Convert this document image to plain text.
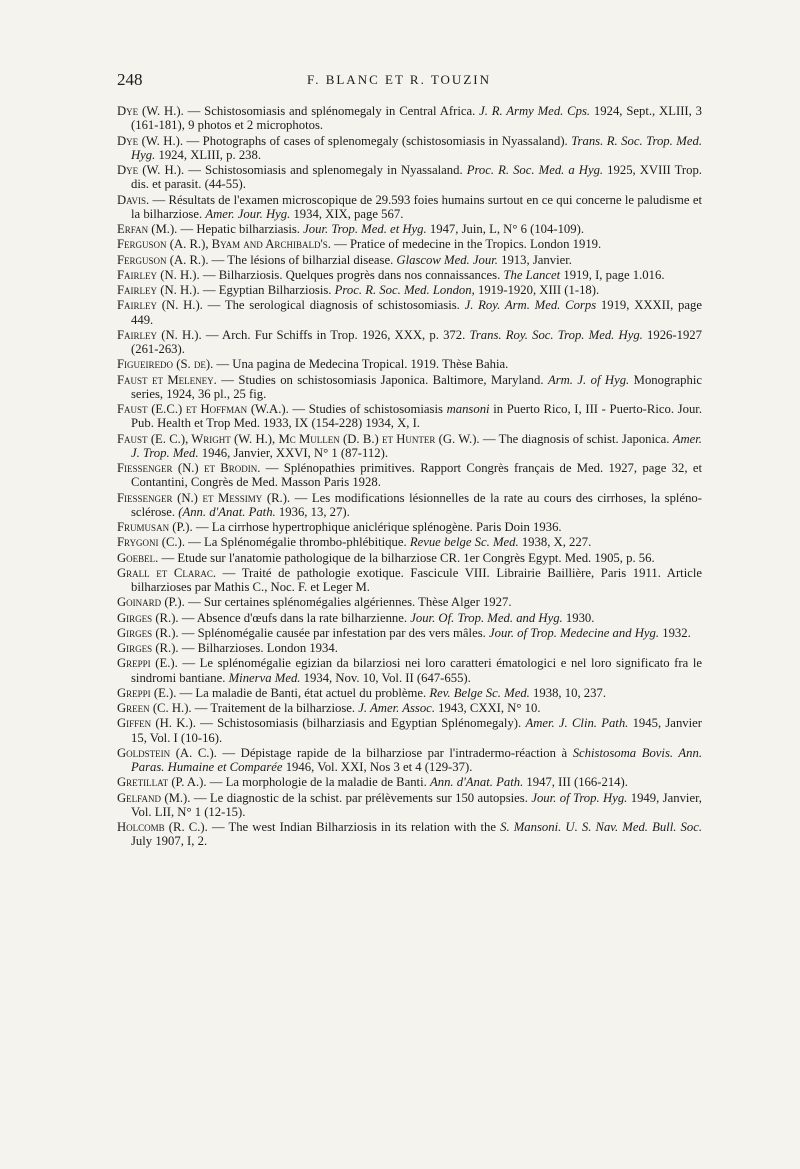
248	F. BLANC ET R. TOUZIN

Dye (W. H.). — Schistosomiasis and splénomegaly in Central Africa. J. R. Army Med. Cps. 1924, Sept., XLIII, 3 (161-181), 9 photos et 2 microphotos.

Dye (W. H.). — Photographs of cases of splenomegaly (schistosomiasis in Nyassaland). Trans. R. Soc. Trop. Med. Hyg. 1924, XLIII, p. 238.

Dye (W. H.). — Schistosomiasis and splenomegaly in Nyassaland. Proc. R. Soc. Med. a Hyg. 1925, XVIII Trop. dis. et parasit. (44-55).

Davis. — Résultats de l'examen microscopique de 29.593 foies humains surtout en ce qui concerne le paludisme et la bilharziose. Amer. Jour. Hyg. 1934, XIX, page 567.

Erfan (M.). — Hepatic bilharziasis. Jour. Trop. Med. et Hyg. 1947, Juin, L, N° 6 (104-109).

Ferguson (A. R.), Byam and Archibald's. — Pratice of medecine in the Tropics. London 1919.

Ferguson (A. R.). — The lésions of bilharzial disease. Glascow Med. Jour. 1913, Janvier.

Fairley (N. H.). — Bilharziosis. Quelques progrès dans nos connaissances. The Lancet 1919, I, page 1.016.

Fairley (N. H.). — Egyptian Bilharziosis. Proc. R. Soc. Med. London, 1919-1920, XIII (1-18).

Fairley (N. H.). — The serological diagnosis of schistosomiasis. J. Roy. Arm. Med. Corps 1919, XXXII, page 449.

Fairley (N. H.). — Arch. Fur Schiffs in Trop. 1926, XXX, p. 372. Trans. Roy. Soc. Trop. Med. Hyg. 1926-1927 (261-263).

Figueiredo (S. de). — Una pagina de Medecina Tropical. 1919. Thèse Bahia.

Faust et Meleney. — Studies on schistosomiasis Japonica. Baltimore, Maryland. Arm. J. of Hyg. Monographic series, 1924, 36 pl., 25 fig.

Faust (E.C.) et Hoffman (W.A.). — Studies of schistosomiasis mansoni in Puerto Rico, I, III - Puerto-Rico. Jour. Pub. Health et Trop Med. 1933, IX (154-228) 1934, X, I.

Faust (E. C.), Wright (W. H.), Mc Mullen (D. B.) et Hunter (G. W.). — The diagnosis of schist. Japonica. Amer. J. Trop. Med. 1946, Janvier, XXVI, N° 1 (87-112).

Fiessenger (N.) et Brodin. — Splénopathies primitives. Rapport Congrès français de Med. 1927, page 32, et Contantini, Congrès de Med. Masson Paris 1928.

Fiessenger (N.) et Messimy (R.). — Les modifications lésionnelles de la rate au cours des cirrhoses, la spléno-sclérose. (Ann. d'Anat. Path. 1936, 13, 27).

Frumusan (P.). — La cirrhose hypertrophique aniclérique splénogène. Paris Doin 1936.

Frygoni (C.). — La Splénomégalie thrombo-phlébitique. Revue belge Sc. Med. 1938, X, 227.

Goebel. — Etude sur l'anatomie pathologique de la bilharziose CR. 1er Congrès Egypt. Med. 1905, p. 56.

Grall et Clarac. — Traité de pathologie exotique. Fascicule VIII. Librairie Baillière, Paris 1911. Article bilharzioses par Mathis C., Noc. F. et Leger M.

Goinard (P.). — Sur certaines splénomégalies algériennes. Thèse Alger 1927.

Girges (R.). — Absence d'œufs dans la rate bilharzienne. Jour. Of. Trop. Med. and Hyg. 1930.

Girges (R.). — Splénomégalie causée par infestation par des vers mâles. Jour. of Trop. Medecine and Hyg. 1932.

Girges (R.). — Bilharzioses. London 1934.

Greppi (E.). — Le splénomégalie egizian da bilarziosi nei loro caratteri ématologici e nel loro significato fra le sindromi bantiane. Minerva Med. 1934, Nov. 10, Vol. II (647-655).

Greppi (E.). — La maladie de Banti, état actuel du problème. Rev. Belge Sc. Med. 1938, 10, 237.

Green (C. H.). — Traitement de la bilharziose. J. Amer. Assoc. 1943, CXXI, N° 10.

Giffen (H. K.). — Schistosomiasis (bilharziasis and Egyptian Splénomegaly). Amer. J. Clin. Path. 1945, Janvier 15, Vol. I (10-16).

Goldstein (A. C.). — Dépistage rapide de la bilharziose par l'intradermo-réaction à Schistosoma Bovis. Ann. Paras. Humaine et Comparée 1946, Vol. XXI, Nos 3 et 4 (129-37).

Gretillat (P. A.). — La morphologie de la maladie de Banti. Ann. d'Anat. Path. 1947, III (166-214).

Gelfand (M.). — Le diagnostic de la schist. par prélèvements sur 150 autopsies. Jour. of Trop. Hyg. 1949, Janvier, Vol. LII, N° 1 (12-15).

Holcomb (R. C.). — The west Indian Bilharziosis in its relation with the S. Mansoni. U. S. Nav. Med. Bull. Soc. July 1907, I, 2.
